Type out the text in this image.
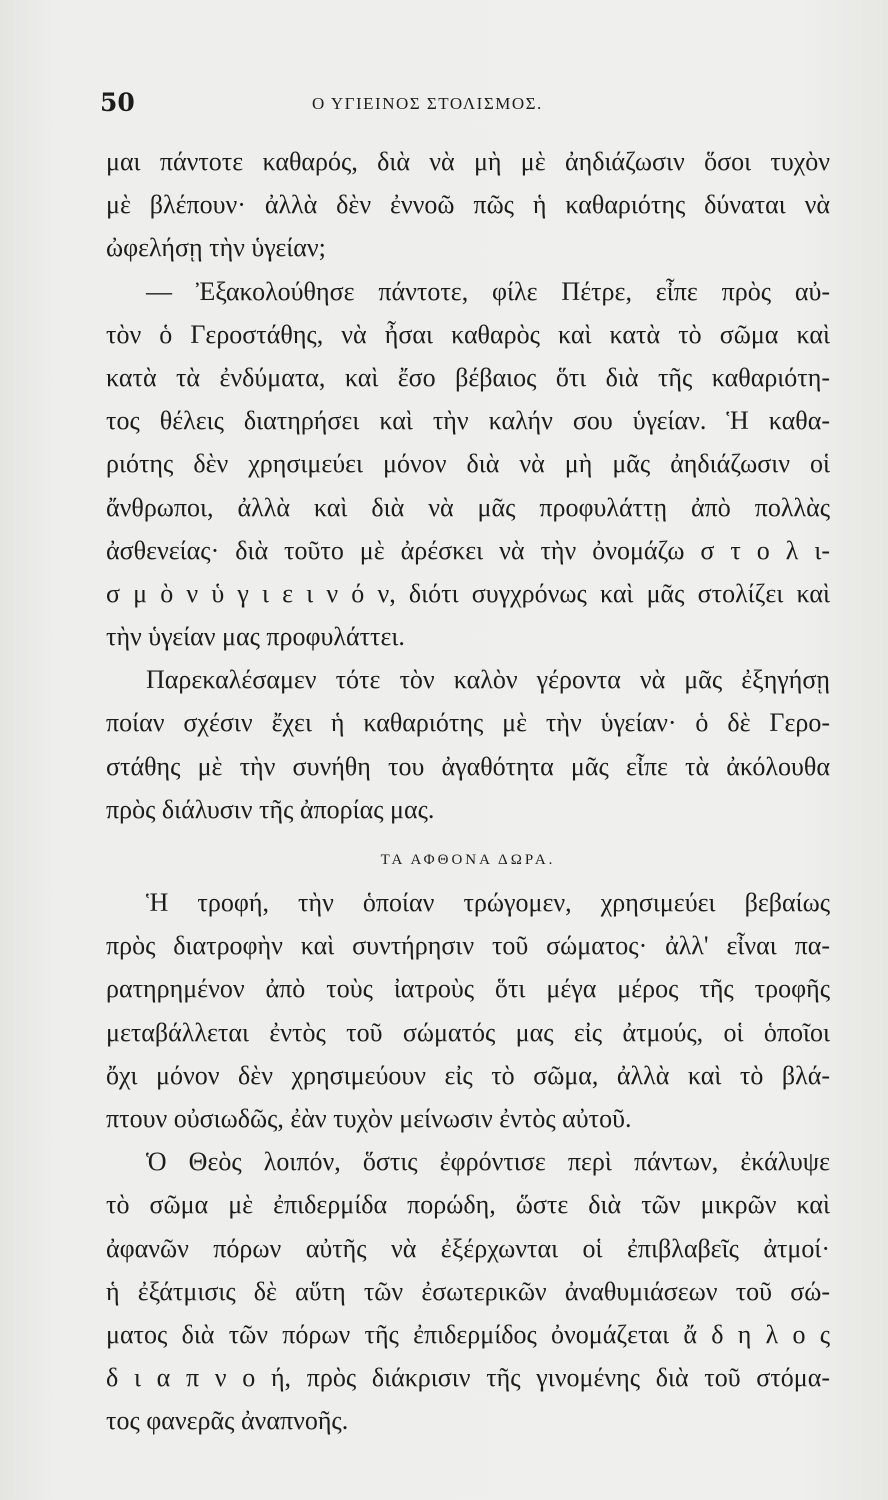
50	Ο ΥΓΙΕΙΝΟΣ ΣΤΟΛΙΣΜΟΣ.
μαι πάντοτε καθαρός, διὰ νὰ μὴ μὲ ἀηδιάζωσιν ὅσοι τυχὸν
μὲ βλέπουν· ἀλλὰ δὲν ἐννοῶ πῶς ἡ καθαριότης δύναται νὰ
ὠφελήσῃ τὴν ὑγείαν;
— Ἐξακολούθησε πάντοτε, φίλε Πέτρε, εἶπε πρὸς αὐ-
τὸν ὁ Γεροστάθης, νὰ ἦσαι καθαρὸς καὶ κατὰ τὸ σῶμα καὶ
κατὰ τὰ ἐνδύματα, καὶ ἔσο βέβαιος ὅτι διὰ τῆς καθαριότη-
τος θέλεις διατηρήσει καὶ τὴν καλήν σου ὑγείαν. Ἡ καθα-
ριότης δὲν χρησιμεύει μόνον διὰ νὰ μὴ μᾶς ἀηδιάζωσιν οἱ
ἄνθρωποι, ἀλλὰ καὶ διὰ νὰ μᾶς προφυλάττῃ ἀπὸ πολλὰς
ἀσθενείας· διὰ τοῦτο μὲ ἀρέσκει νὰ τὴν ὀνομάζω σ τ ο λ ι-
σ μ ὸ ν ὑ γ ι ε ι ν ό ν, διότι συγχρόνως καὶ μᾶς στολίζει καὶ
τὴν ὑγείαν μας προφυλάττει.
Παρεκαλέσαμεν τότε τὸν καλὸν γέροντα νὰ μᾶς ἐξηγήσῃ
ποίαν σχέσιν ἔχει ἡ καθαριότης μὲ τὴν ὑγείαν· ὁ δὲ Γερο-
στάθης μὲ τὴν συνήθη του ἀγαθότητα μᾶς εἶπε τὰ ἀκόλουθα
πρὸς διάλυσιν τῆς ἀπορίας μας.
ΤΑ ΑΦΘΟΝΑ ΔΩΡΑ.
Ἡ τροφή, τὴν ὁποίαν τρώγομεν, χρησιμεύει βεβαίως
πρὸς διατροφὴν καὶ συντήρησιν τοῦ σώματος· ἀλλ' εἶναι πα-
ρατηρημένον ἀπὸ τοὺς ἰατροὺς ὅτι μέγα μέρος τῆς τροφῆς
μεταβάλλεται ἐντὸς τοῦ σώματός μας εἰς ἀτμούς, οἱ ὁποῖοι
ὄχι μόνον δὲν χρησιμεύουν εἰς τὸ σῶμα, ἀλλὰ καὶ τὸ βλά-
πτουν οὐσιωδῶς, ἐὰν τυχὸν μείνωσιν ἐντὸς αὐτοῦ.
Ὁ Θεὸς λοιπόν, ὅστις ἐφρόντισε περὶ πάντων, ἐκάλυψε
τὸ σῶμα μὲ ἐπιδερμίδα πορώδη, ὥστε διὰ τῶν μικρῶν καὶ
ἀφανῶν πόρων αὐτῆς νὰ ἐξέρχωνται οἱ ἐπιβλαβεῖς ἀτμοί·
ἡ ἐξάτμισις δὲ αὕτη τῶν ἐσωτερικῶν ἀναθυμιάσεων τοῦ σώ-
ματος διὰ τῶν πόρων τῆς ἐπιδερμίδος ὀνομάζεται ἄ δ η λ ο ς
δ ι α π ν ο ή, πρὸς διάκρισιν τῆς γινομένης διὰ τοῦ στόμα-
τος φανερᾶς ἀναπνοῆς.
